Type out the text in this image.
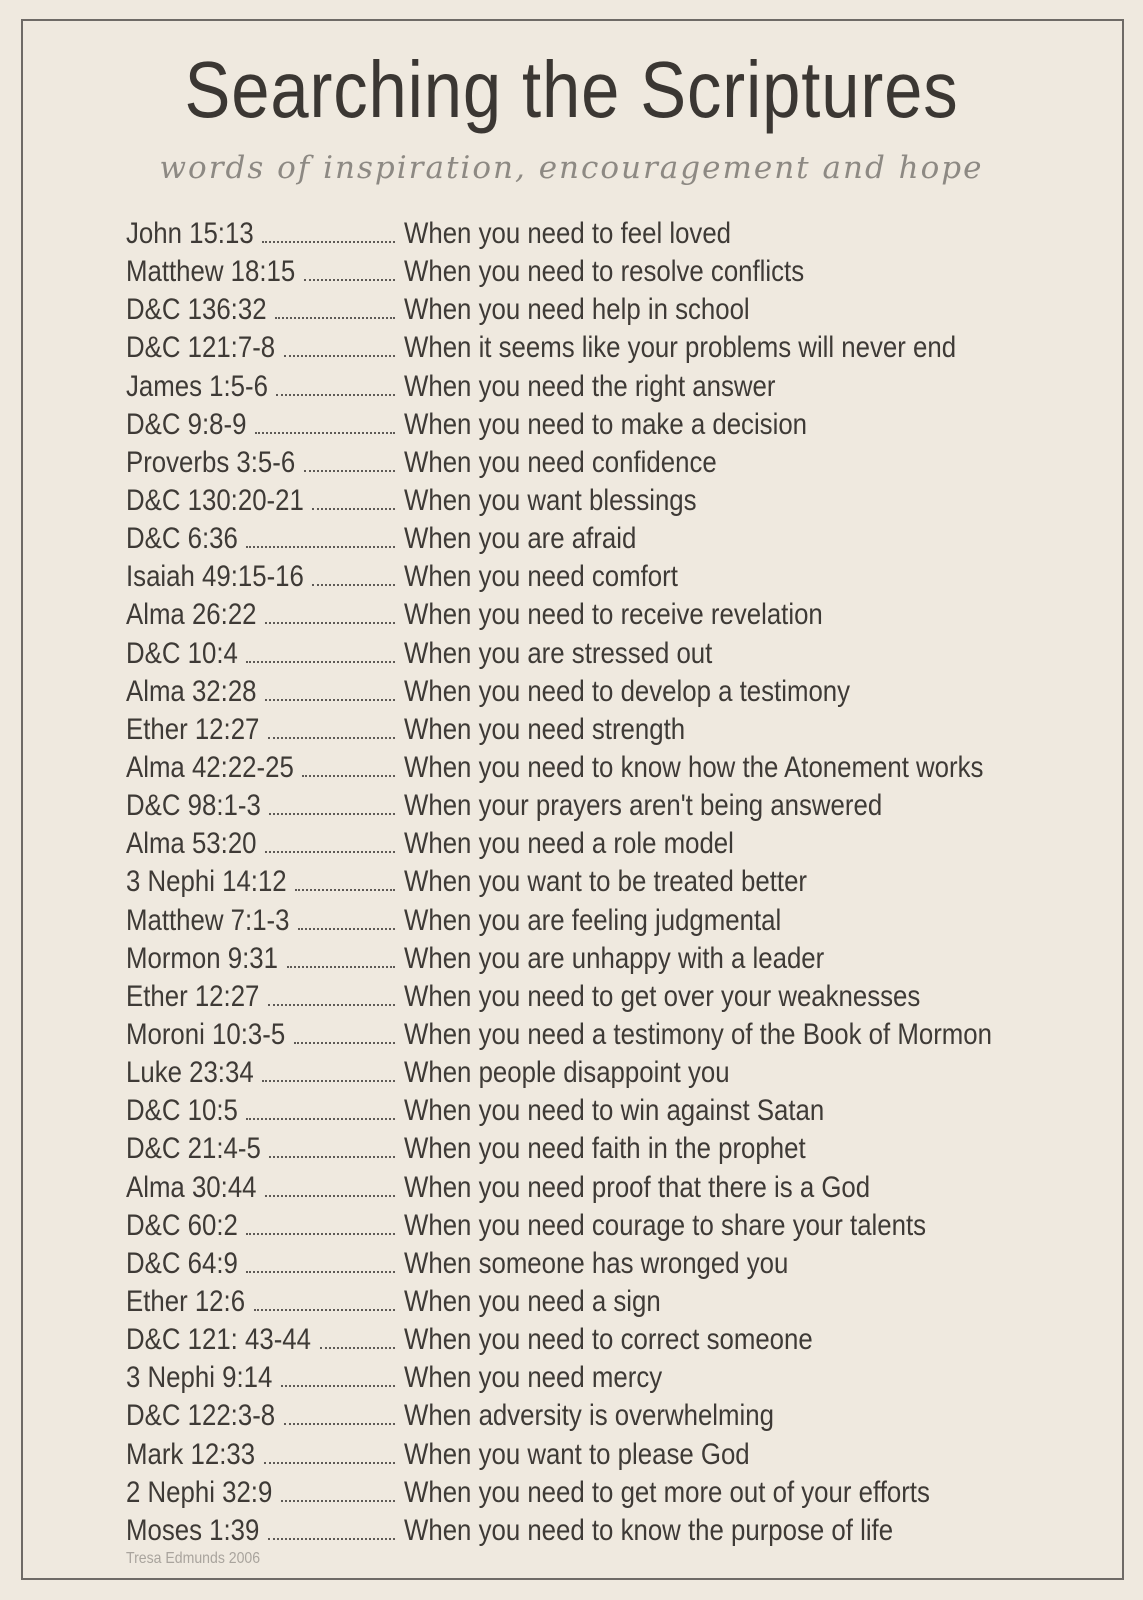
Searching the Scriptures
words of inspiration, encouragement and hope
John 15:13	When you need to feel loved
Matthew 18:15	When you need to resolve conflicts
D&C 136:32	When you need help in school
D&C 121:7-8	When it seems like your problems will never end
James 1:5-6	When you need the right answer
D&C 9:8-9	When you need to make a decision
Proverbs 3:5-6	When you need confidence
D&C 130:20-21	When you want blessings
D&C 6:36	When you are afraid
Isaiah 49:15-16	When you need comfort
Alma 26:22	When you need to receive revelation
D&C 10:4	When you are stressed out
Alma 32:28	When you need to develop a testimony
Ether 12:27	When you need strength
Alma 42:22-25	When you need to know how the Atonement works
D&C 98:1-3	When your prayers aren't being answered
Alma 53:20	When you need a role model
3 Nephi 14:12	When you want to be treated better
Matthew 7:1-3	When you are feeling judgmental
Mormon 9:31	When you are unhappy with a leader
Ether 12:27	When you need to get over your weaknesses
Moroni 10:3-5	When you need a testimony of the Book of Mormon
Luke 23:34	When people disappoint you
D&C 10:5	When you need to win against Satan
D&C 21:4-5	When you need faith in the prophet
Alma 30:44	When you need proof that there is a God
D&C 60:2	When you need courage to share your talents
D&C 64:9	When someone has wronged you
Ether 12:6	When you need a sign
D&C 121: 43-44	When you need to correct someone
3 Nephi 9:14	When you need mercy
D&C 122:3-8	When adversity is overwhelming
Mark 12:33	When you want to please God
2 Nephi 32:9	When you need to get more out of your efforts
Moses 1:39	When you need to know the purpose of life
Tresa Edmunds 2006
